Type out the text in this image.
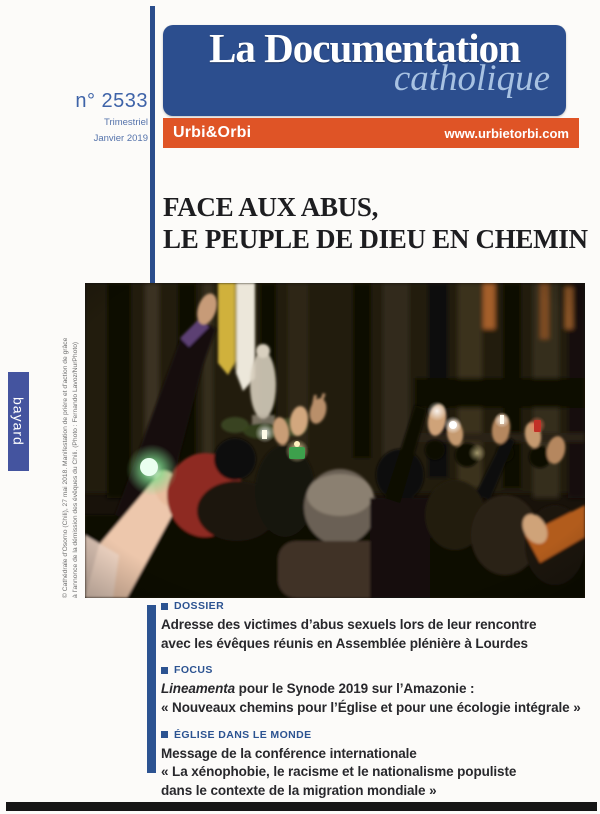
n° 2533
Trimestriel
Janvier 2019
La Documentation
catholique
Urbi&Orbi	www.urbietorbi.com
FACE AUX ABUS,
LE PEUPLE DE DIEU EN CHEMIN
© Cathédrale d’Osorno (Chili), 27 mai 2018. Manifestation de prière et d’action de grâce à l’annonce de la démission des évêques du Chili. (Photo : Fernando Lavoz/NurPhoto)
bayard
DOSSIER
Adresse des victimes d’abus sexuels lors de leur rencontre
avec les évêques réunis en Assemblée plénière à Lourdes
FOCUS
Lineamenta pour le Synode 2019 sur l’Amazonie :
« Nouveaux chemins pour l’Église et pour une écologie intégrale »
ÉGLISE DANS LE MONDE
Message de la conférence internationale
« La xénophobie, le racisme et le nationalisme populiste
dans le contexte de la migration mondiale »
